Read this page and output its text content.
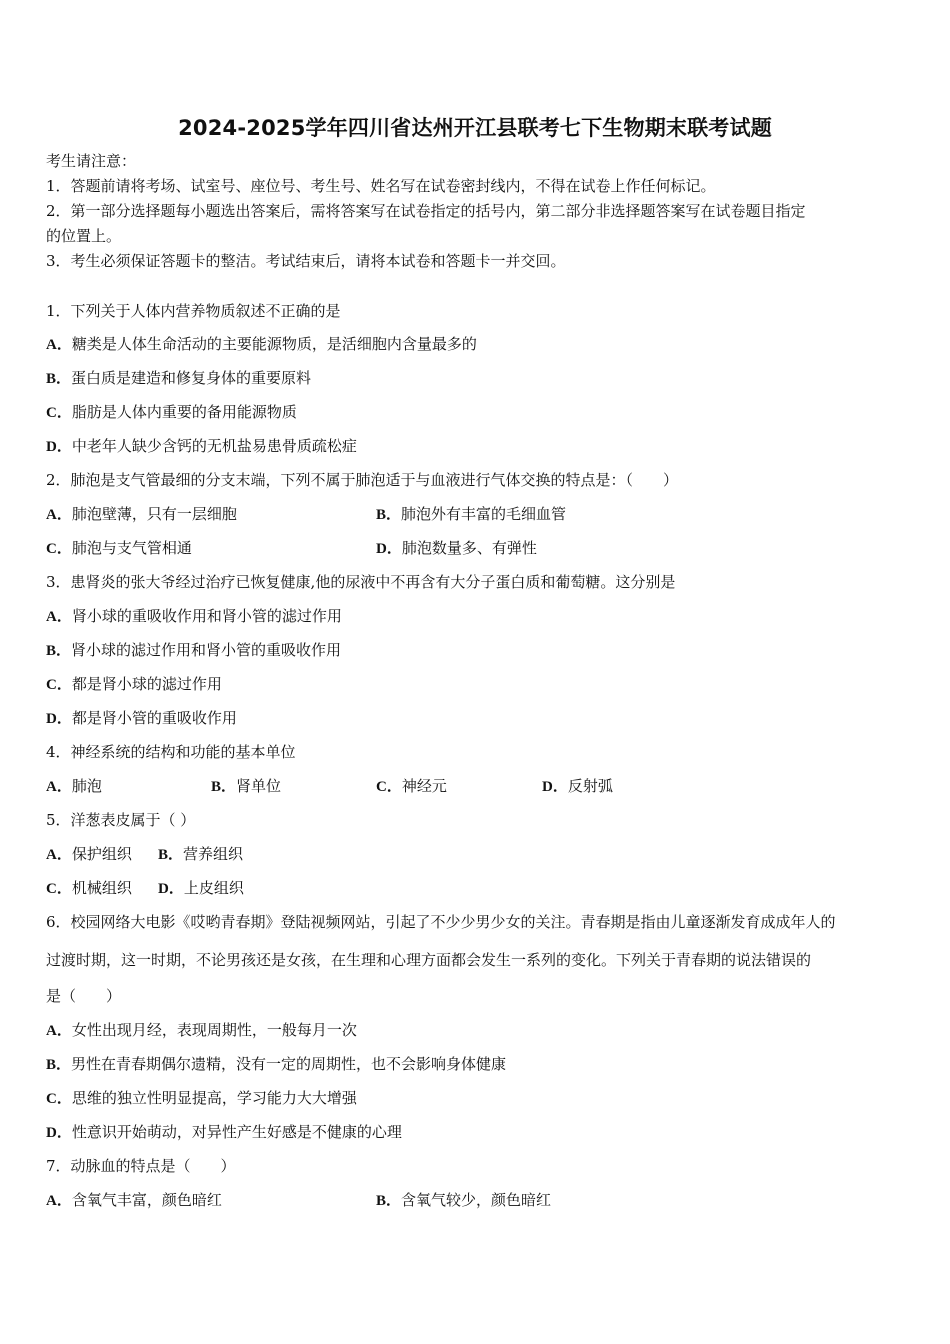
2024-2025学年四川省达州开江县联考七下生物期末联考试题
考生请注意：
1．答题前请将考场、试室号、座位号、考生号、姓名写在试卷密封线内，不得在试卷上作任何标记。
2．第一部分选择题每小题选出答案后，需将答案写在试卷指定的括号内，第二部分非选择题答案写在试卷题目指定
的位置上。
3．考生必须保证答题卡的整洁。考试结束后，请将本试卷和答题卡一并交回。
1．下列关于人体内营养物质叙述不正确的是
A．糖类是人体生命活动的主要能源物质，是活细胞内含量最多的
B．蛋白质是建造和修复身体的重要原料
C．脂肪是人体内重要的备用能源物质
D．中老年人缺少含钙的无机盐易患骨质疏松症
2．肺泡是支气管最细的分支末端，下列不属于肺泡适于与血液进行气体交换的特点是：（　　）
A．肺泡壁薄，只有一层细胞	B．肺泡外有丰富的毛细血管
C．肺泡与支气管相通	D．肺泡数量多、有弹性
3．患肾炎的张大爷经过治疗已恢复健康,他的尿液中不再含有大分子蛋白质和葡萄糖。这分别是
A．肾小球的重吸收作用和肾小管的滤过作用
B．肾小球的滤过作用和肾小管的重吸收作用
C．都是肾小球的滤过作用
D．都是肾小管的重吸收作用
4．神经系统的结构和功能的基本单位
A．肺泡	B．肾单位	C．神经元	D．反射弧
5．洋葱表皮属于（ ）
A．保护组织 B．营养组织
C．机械组织 D．上皮组织
6．校园网络大电影《哎哟青春期》登陆视频网站，引起了不少少男少女的关注。青春期是指由儿童逐渐发育成成年人的
过渡时期，这一时期，不论男孩还是女孩，在生理和心理方面都会发生一系列的变化。下列关于青春期的说法错误的
是（　　）
A．女性出现月经，表现周期性，一般每月一次
B．男性在青春期偶尔遗精，没有一定的周期性，也不会影响身体健康
C．思维的独立性明显提高，学习能力大大增强
D．性意识开始萌动，对异性产生好感是不健康的心理
7．动脉血的特点是（　　）
A．含氧气丰富，颜色暗红	B．含氧气较少，颜色暗红
